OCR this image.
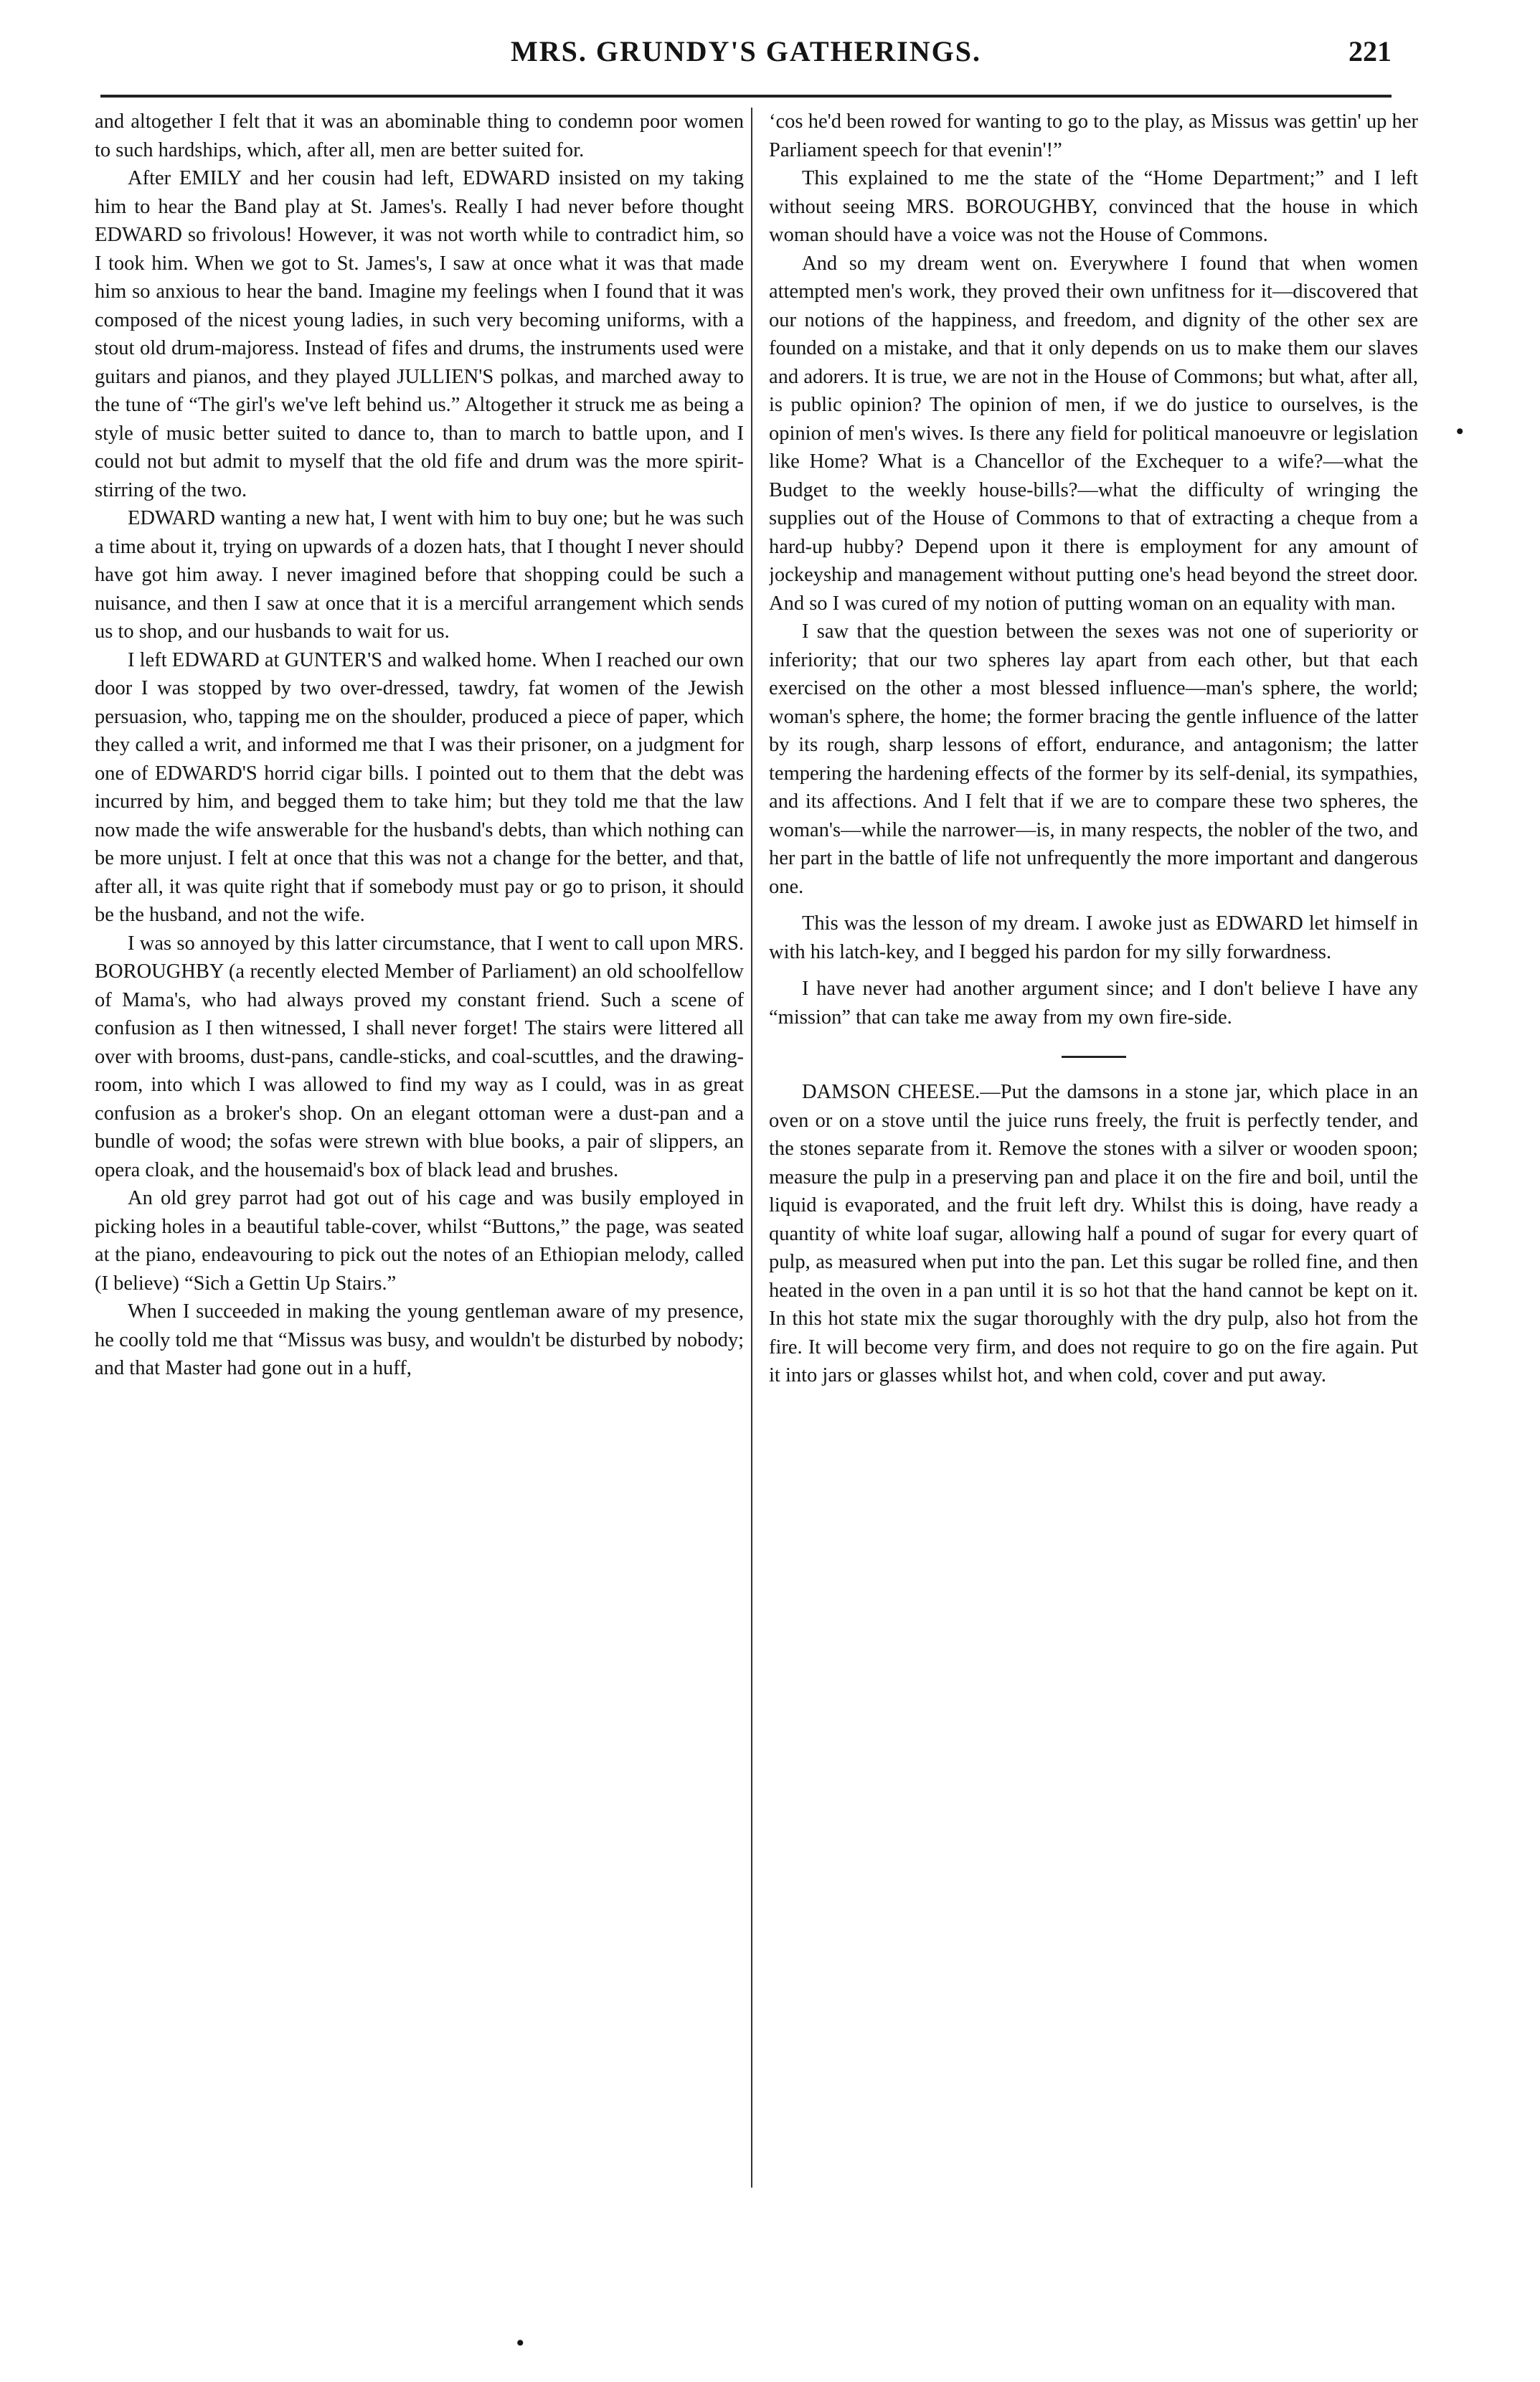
MRS. GRUNDY'S GATHERINGS.	221

and altogether I felt that it was an abominable thing to condemn poor women to such hardships, which, after all, men are better suited for.

After EMILY and her cousin had left, EDWARD insisted on my taking him to hear the Band play at St. James's. Really I had never before thought EDWARD so frivolous! However, it was not worth while to contradict him, so I took him. When we got to St. James's, I saw at once what it was that made him so anxious to hear the band. Imagine my feelings when I found that it was composed of the nicest young ladies, in such very becoming uniforms, with a stout old drum-majoress. Instead of fifes and drums, the instruments used were guitars and pianos, and they played JULLIEN'S polkas, and marched away to the tune of “The girl's we've left behind us.” Altogether it struck me as being a style of music better suited to dance to, than to march to battle upon, and I could not but admit to myself that the old fife and drum was the more spirit-stirring of the two.

EDWARD wanting a new hat, I went with him to buy one; but he was such a time about it, trying on upwards of a dozen hats, that I thought I never should have got him away. I never imagined before that shopping could be such a nuisance, and then I saw at once that it is a merciful arrangement which sends us to shop, and our husbands to wait for us.

I left EDWARD at GUNTER'S and walked home. When I reached our own door I was stopped by two over-dressed, tawdry, fat women of the Jewish persuasion, who, tapping me on the shoulder, produced a piece of paper, which they called a writ, and informed me that I was their prisoner, on a judgment for one of EDWARD'S horrid cigar bills. I pointed out to them that the debt was incurred by him, and begged them to take him; but they told me that the law now made the wife answerable for the husband's debts, than which nothing can be more unjust. I felt at once that this was not a change for the better, and that, after all, it was quite right that if somebody must pay or go to prison, it should be the husband, and not the wife.

I was so annoyed by this latter circumstance, that I went to call upon MRS. BOROUGHBY (a recently elected Member of Parliament) an old schoolfellow of Mama's, who had always proved my constant friend. Such a scene of confusion as I then witnessed, I shall never forget! The stairs were littered all over with brooms, dust-pans, candle-sticks, and coal-scuttles, and the drawing-room, into which I was allowed to find my way as I could, was in as great confusion as a broker's shop. On an elegant ottoman were a dust-pan and a bundle of wood; the sofas were strewn with blue books, a pair of slippers, an opera cloak, and the housemaid's box of black lead and brushes.

An old grey parrot had got out of his cage and was busily employed in picking holes in a beautiful table-cover, whilst “Buttons,” the page, was seated at the piano, endeavouring to pick out the notes of an Ethiopian melody, called (I believe) “Sich a Gettin Up Stairs.”

When I succeeded in making the young gentleman aware of my presence, he coolly told me that “Missus was busy, and wouldn't be disturbed by nobody; and that Master had gone out in a huff,

‘cos he'd been rowed for wanting to go to the play, as Missus was gettin' up her Parliament speech for that evenin'!”

This explained to me the state of the “Home Department;” and I left without seeing MRS. BOROUGHBY, convinced that the house in which woman should have a voice was not the House of Commons.

And so my dream went on. Everywhere I found that when women attempted men's work, they proved their own unfitness for it—discovered that our notions of the happiness, and freedom, and dignity of the other sex are founded on a mistake, and that it only depends on us to make them our slaves and adorers. It is true, we are not in the House of Commons; but what, after all, is public opinion? The opinion of men, if we do justice to ourselves, is the opinion of men's wives. Is there any field for political manoeuvre or legislation like Home? What is a Chancellor of the Exchequer to a wife?—what the Budget to the weekly house-bills?—what the difficulty of wringing the supplies out of the House of Commons to that of extracting a cheque from a hard-up hubby? Depend upon it there is employment for any amount of jockeyship and management without putting one's head beyond the street door. And so I was cured of my notion of putting woman on an equality with man.

I saw that the question between the sexes was not one of superiority or inferiority; that our two spheres lay apart from each other, but that each exercised on the other a most blessed influence—man's sphere, the world; woman's sphere, the home; the former bracing the gentle influence of the latter by its rough, sharp lessons of effort, endurance, and antagonism; the latter tempering the hardening effects of the former by its self-denial, its sympathies, and its affections. And I felt that if we are to compare these two spheres, the woman's—while the narrower—is, in many respects, the nobler of the two, and her part in the battle of life not unfrequently the more important and dangerous one.

This was the lesson of my dream. I awoke just as EDWARD let himself in with his latch-key, and I begged his pardon for my silly forwardness.

I have never had another argument since; and I don't believe I have any “mission” that can take me away from my own fire-side.

DAMSON CHEESE.—Put the damsons in a stone jar, which place in an oven or on a stove until the juice runs freely, the fruit is perfectly tender, and the stones separate from it. Remove the stones with a silver or wooden spoon; measure the pulp in a preserving pan and place it on the fire and boil, until the liquid is evaporated, and the fruit left dry. Whilst this is doing, have ready a quantity of white loaf sugar, allowing half a pound of sugar for every quart of pulp, as measured when put into the pan. Let this sugar be rolled fine, and then heated in the oven in a pan until it is so hot that the hand cannot be kept on it. In this hot state mix the sugar thoroughly with the dry pulp, also hot from the fire. It will become very firm, and does not require to go on the fire again. Put it into jars or glasses whilst hot, and when cold, cover and put away.

•
•
